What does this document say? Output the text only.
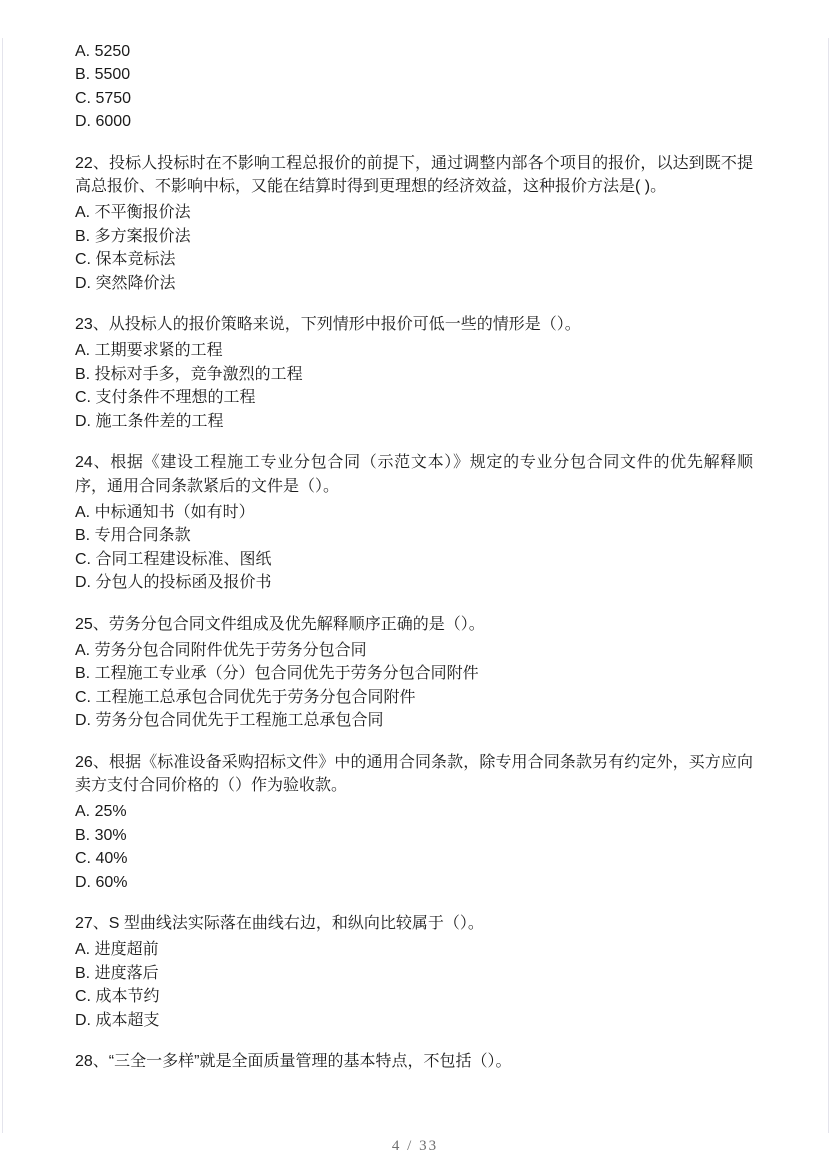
A. 5250

B. 5500

C. 5750

D. 6000

22、投标人投标时在不影响工程总报价的前提下，通过调整内部各个项目的报价，以达到既不提高总报价、不影响中标，又能在结算时得到更理想的经济效益，这种报价方法是( )。

A. 不平衡报价法

B. 多方案报价法

C. 保本竞标法

D. 突然降价法

23、从投标人的报价策略来说，下列情形中报价可低一些的情形是（）。

A. 工期要求紧的工程

B. 投标对手多，竞争激烈的工程

C. 支付条件不理想的工程

D. 施工条件差的工程

24、根据《建设工程施工专业分包合同（示范文本）》规定的专业分包合同文件的优先解释顺序，通用合同条款紧后的文件是（）。

A. 中标通知书（如有时）

B. 专用合同条款

C. 合同工程建设标准、图纸

D. 分包人的投标函及报价书

25、劳务分包合同文件组成及优先解释顺序正确的是（）。

A. 劳务分包合同附件优先于劳务分包合同

B. 工程施工专业承（分）包合同优先于劳务分包合同附件

C. 工程施工总承包合同优先于劳务分包合同附件

D. 劳务分包合同优先于工程施工总承包合同

26、根据《标准设备采购招标文件》中的通用合同条款，除专用合同条款另有约定外，买方应向卖方支付合同价格的（）作为验收款。

A. 25%

B. 30%

C. 40%

D. 60%

27、S 型曲线法实际落在曲线右边，和纵向比较属于（）。

A. 进度超前

B. 进度落后

C. 成本节约

D. 成本超支

28、“三全一多样”就是全面质量管理的基本特点，不包括（）。

4 / 33
